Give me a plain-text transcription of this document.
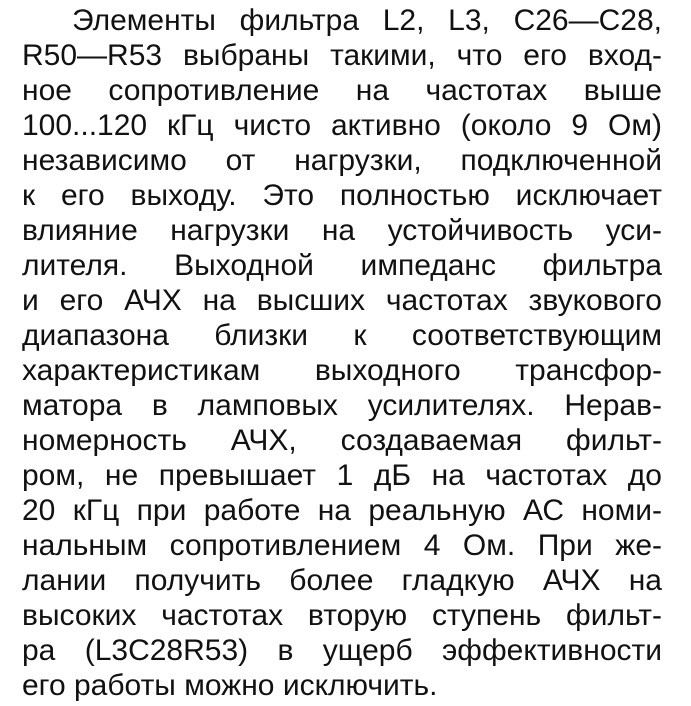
Элементы фильтра L2, L3, C26—C28,
R50—R53 выбраны такими, что его вход-
ное сопротивление на частотах выше
100...120 кГц чисто активно (около 9 Ом)
независимо от нагрузки, подключенной
к его выходу. Это полностью исключает
влияние нагрузки на устойчивость уси-
лителя. Выходной импеданс фильтра
и его АЧХ на высших частотах звукового
диапазона близки к соответствующим
характеристикам выходного трансфор-
матора в ламповых усилителях. Нерав-
номерность АЧХ, создаваемая фильт-
ром, не превышает 1 дБ на частотах до
20 кГц при работе на реальную АС номи-
нальным сопротивлением 4 Ом. При же-
лании получить более гладкую АЧХ на
высоких частотах вторую ступень фильт-
ра (L3C28R53) в ущерб эффективности
его работы можно исключить.
